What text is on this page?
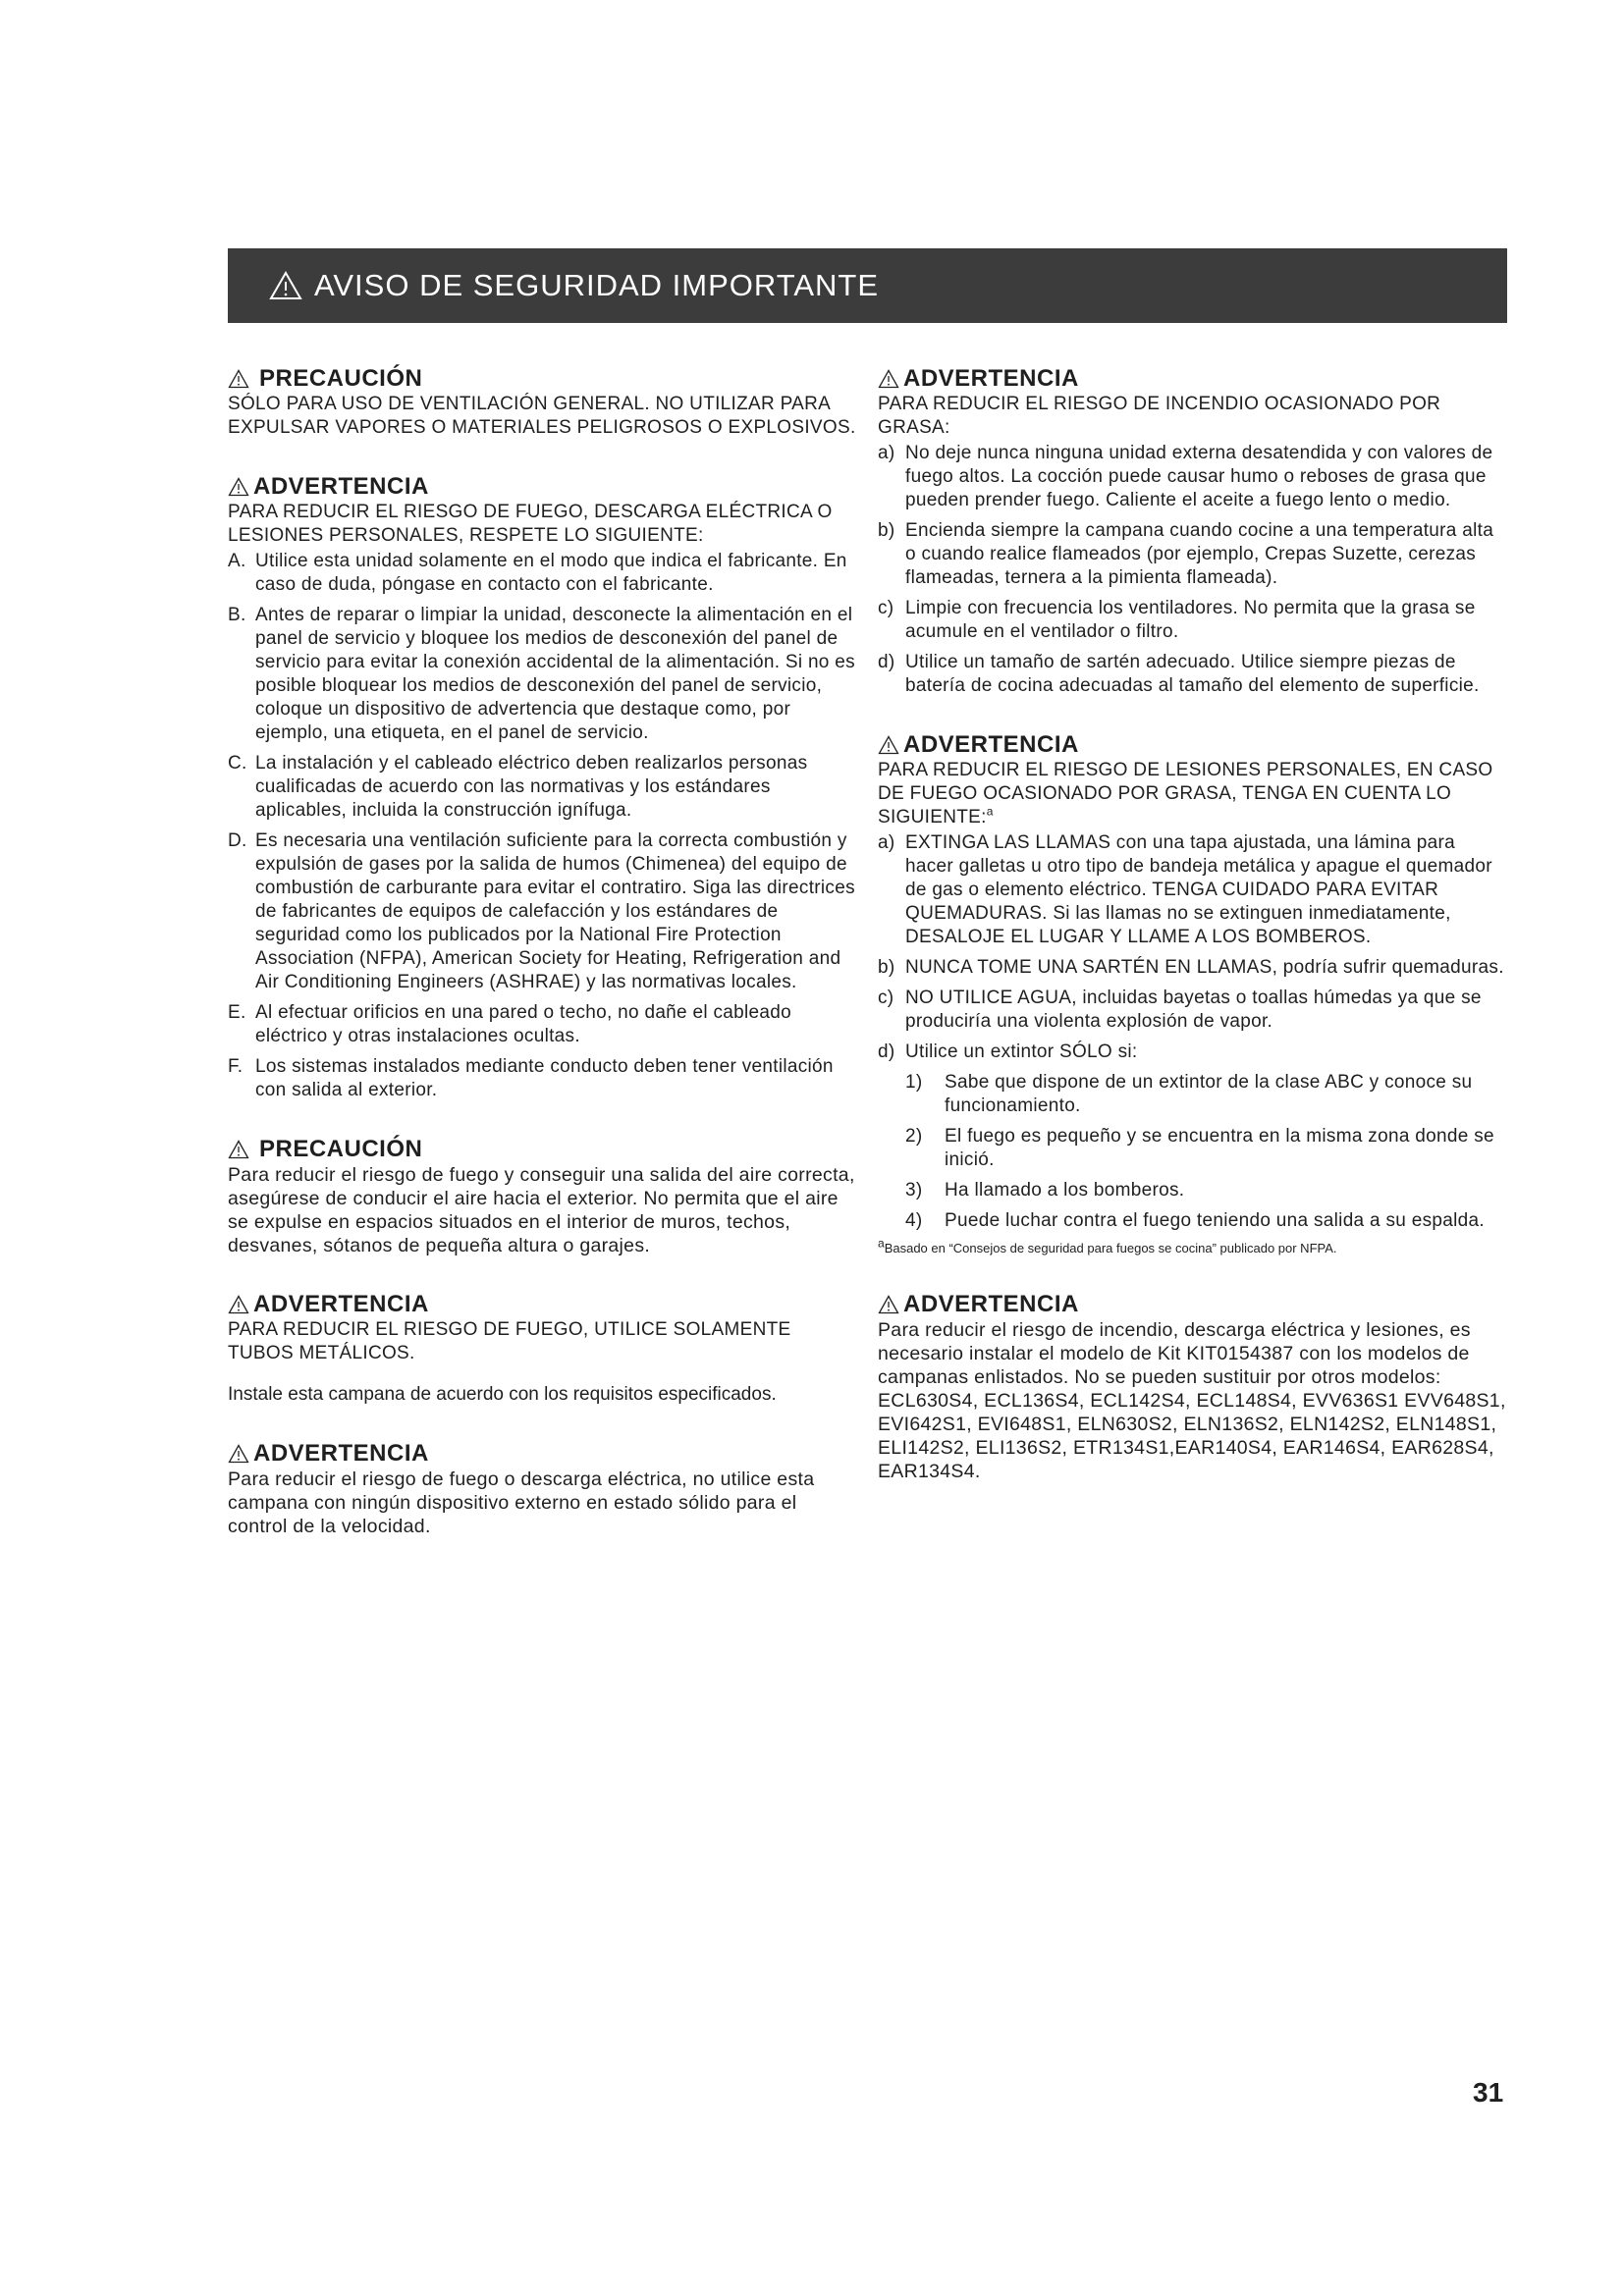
AVISO DE SEGURIDAD IMPORTANTE
PRECAUCIÓN
SÓLO PARA USO DE VENTILACIÓN GENERAL. NO UTILIZAR PARA EXPULSAR VAPORES O MATERIALES PELIGROSOS O EXPLOSIVOS.
ADVERTENCIA
PARA REDUCIR EL RIESGO DE FUEGO, DESCARGA ELÉCTRICA O LESIONES PERSONALES, RESPETE LO SIGUIENTE:
A. Utilice esta unidad solamente en el modo que indica el fabricante. En caso de duda, póngase en contacto con el fabricante.
B. Antes de reparar o limpiar la unidad, desconecte la alimentación en el panel de servicio y bloquee los medios de desconexión del panel de servicio para evitar la conexión accidental de la alimentación. Si no es posible bloquear los medios de desconexión del panel de servicio, coloque un dispositivo de advertencia que destaque como, por ejemplo, una etiqueta, en el panel de servicio.
C. La instalación y el cableado eléctrico deben realizarlos personas cualificadas de acuerdo con las normativas y los estándares aplicables, incluida la construcción ignífuga.
D. Es necesaria una ventilación suficiente para la correcta combustión y expulsión de gases por la salida de humos (Chimenea) del equipo de combustión de carburante para evitar el contratiro. Siga las directrices de fabricantes de equipos de calefacción y los estándares de seguridad como los publicados por la National Fire Protection Association (NFPA), American Society for Heating, Refrigeration and Air Conditioning Engineers (ASHRAE) y las normativas locales.
E. Al efectuar orificios en una pared o techo, no dañe el cableado eléctrico y otras instalaciones ocultas.
F. Los sistemas instalados mediante conducto deben tener ventilación con salida al exterior.
PRECAUCIÓN
Para reducir el riesgo de fuego y conseguir una salida del aire correcta, asegúrese de conducir el aire hacia el exterior. No permita que el aire se expulse en espacios situados en el interior de muros, techos, desvanes, sótanos de pequeña altura o garajes.
ADVERTENCIA
PARA REDUCIR EL RIESGO DE FUEGO, UTILICE SOLAMENTE TUBOS METÁLICOS.
Instale esta campana de acuerdo con los requisitos especificados.
ADVERTENCIA
Para reducir el riesgo de fuego o descarga eléctrica, no utilice esta campana con ningún dispositivo externo en estado sólido para el control de la velocidad.
ADVERTENCIA
PARA REDUCIR EL RIESGO DE INCENDIO OCASIONADO POR GRASA:
a) No deje nunca ninguna unidad externa desatendida y con valores de fuego altos. La cocción puede causar humo o reboses de grasa que pueden prender fuego. Caliente el aceite a fuego lento o medio.
b) Encienda siempre la campana cuando cocine a una temperatura alta o cuando realice flameados (por ejemplo, Crepas Suzette, cerezas flameadas, ternera a la pimienta flameada).
c) Limpie con frecuencia los ventiladores. No permita que la grasa se acumule en el ventilador o filtro.
d) Utilice un tamaño de sartén adecuado. Utilice siempre piezas de batería de cocina adecuadas al tamaño del elemento de superficie.
ADVERTENCIA
PARA REDUCIR EL RIESGO DE LESIONES PERSONALES, EN CASO DE FUEGO OCASIONADO POR GRASA, TENGA EN CUENTA LO SIGUIENTE:$^a$
a) EXTINGA LAS LLAMAS con una tapa ajustada, una lámina para hacer galletas u otro tipo de bandeja metálica y apague el quemador de gas o elemento eléctrico. TENGA CUIDADO PARA EVITAR QUEMADURAS. Si las llamas no se extinguen inmediatamente, DESALOJE EL LUGAR Y LLAME A LOS BOMBEROS.
b) NUNCA TOME UNA SARTÉN EN LLAMAS, podría sufrir quemaduras.
c) NO UTILICE AGUA, incluidas bayetas o toallas húmedas ya que se produciría una violenta explosión de vapor.
d) Utilice un extintor SÓLO si:
1)	Sabe que dispone de un extintor de la clase ABC y conoce su funcionamiento.
2)	El fuego es pequeño y se encuentra en la misma zona donde se inició.
3)	Ha llamado a los bomberos.
4)	Puede luchar contra el fuego teniendo una salida a su espalda.
$^a$Basado en “Consejos de seguridad para fuegos se cocina” publicado por NFPA.
ADVERTENCIA
Para reducir el riesgo de incendio, descarga eléctrica y lesiones, es necesario instalar el modelo de Kit KIT0154387 con los modelos de campanas enlistados. No se pueden sustituir por otros modelos:
ECL630S4, ECL136S4, ECL142S4, ECL148S4, EVV636S1 EVV648S1, EVI642S1, EVI648S1, ELN630S2, ELN136S2, ELN142S2, ELN148S1, ELI142S2, ELI136S2, ETR134S1,EAR140S4, EAR146S4, EAR628S4, EAR134S4.
31
